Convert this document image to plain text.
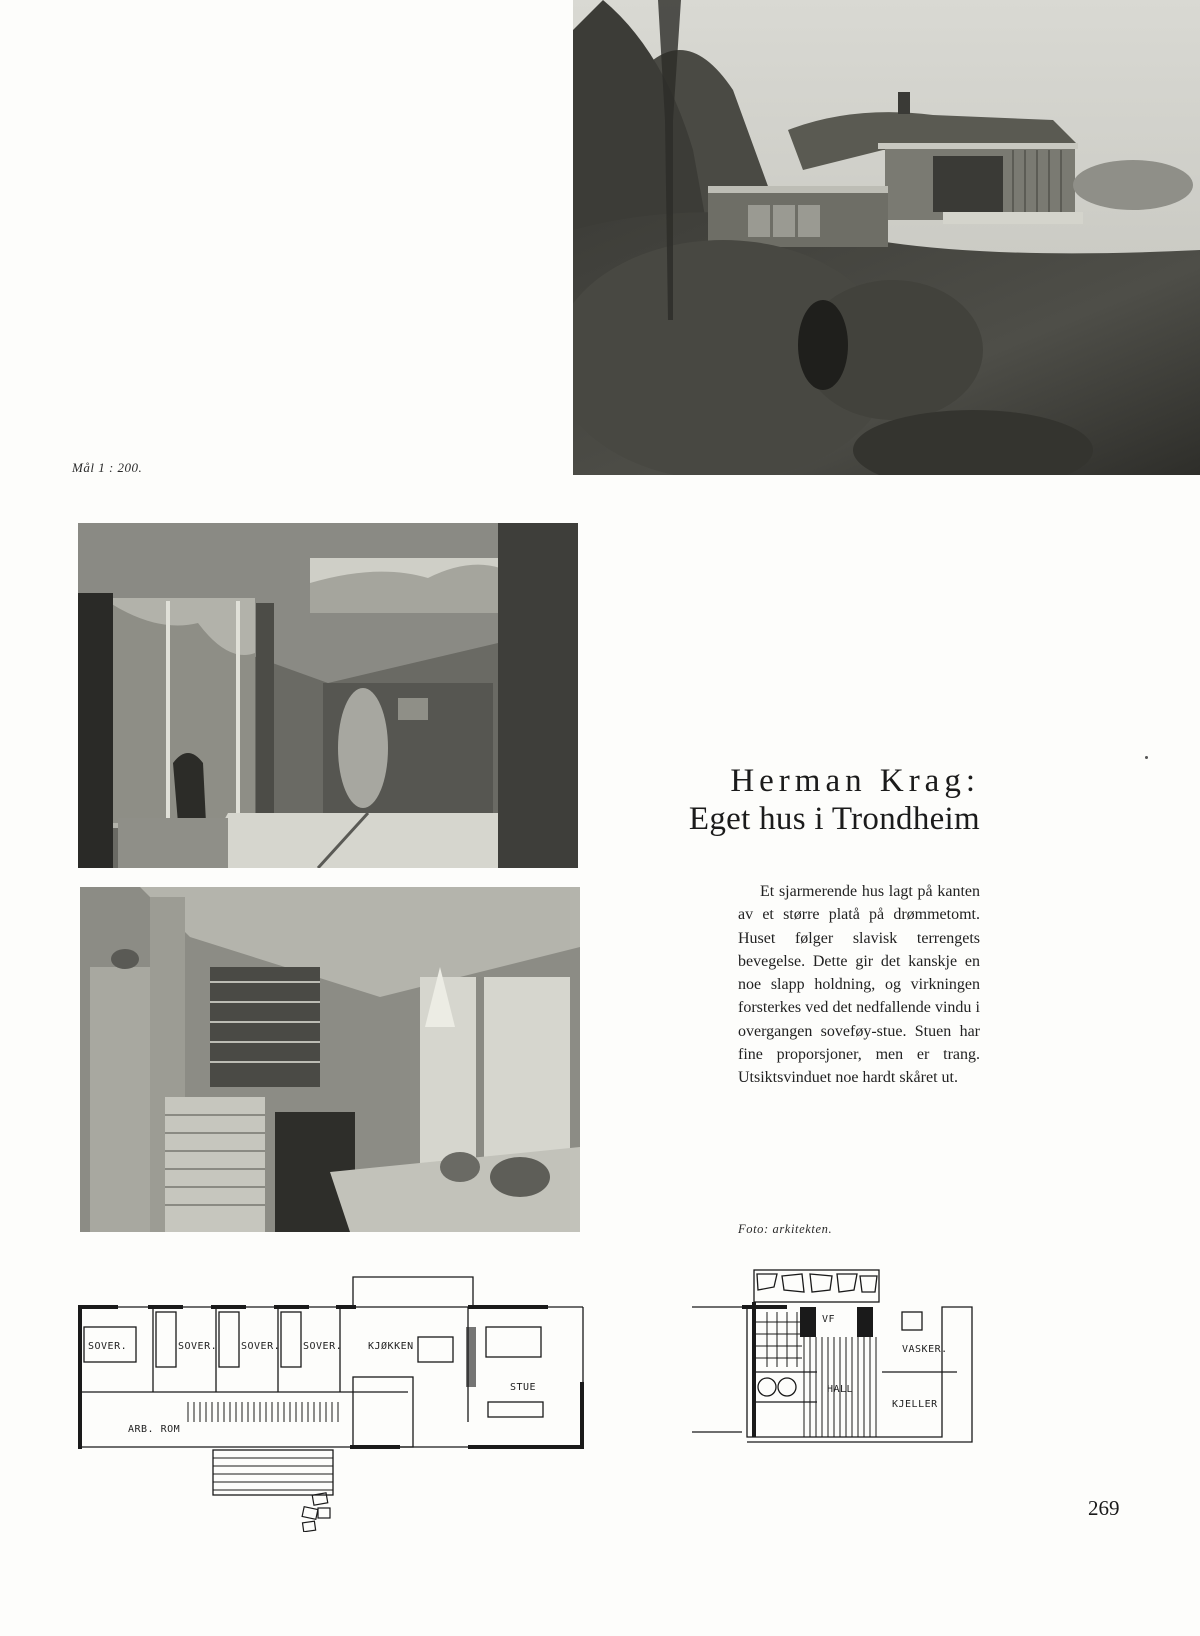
Mål 1 : 200.
Herman Krag:
Eget hus i Trondheim
Et sjarmerende hus lagt på kanten av et større platå på drømmetomt. Huset følger slavisk terrengets bevegelse. Dette gir det kanskje en noe slapp holdning, og virkningen forsterkes ved det nedfallende vindu i overgangen soveføy-stue. Stuen har fine proporsjoner, men er trang. Utsiktsvinduet noe hardt skåret ut.
Foto: arkitekten.
SOVER.	SOVER. SOVER. SOVER.	KJØKKEN
ARB. ROM
STUE
VF
VASKER.
HALL
KJELLER
269
